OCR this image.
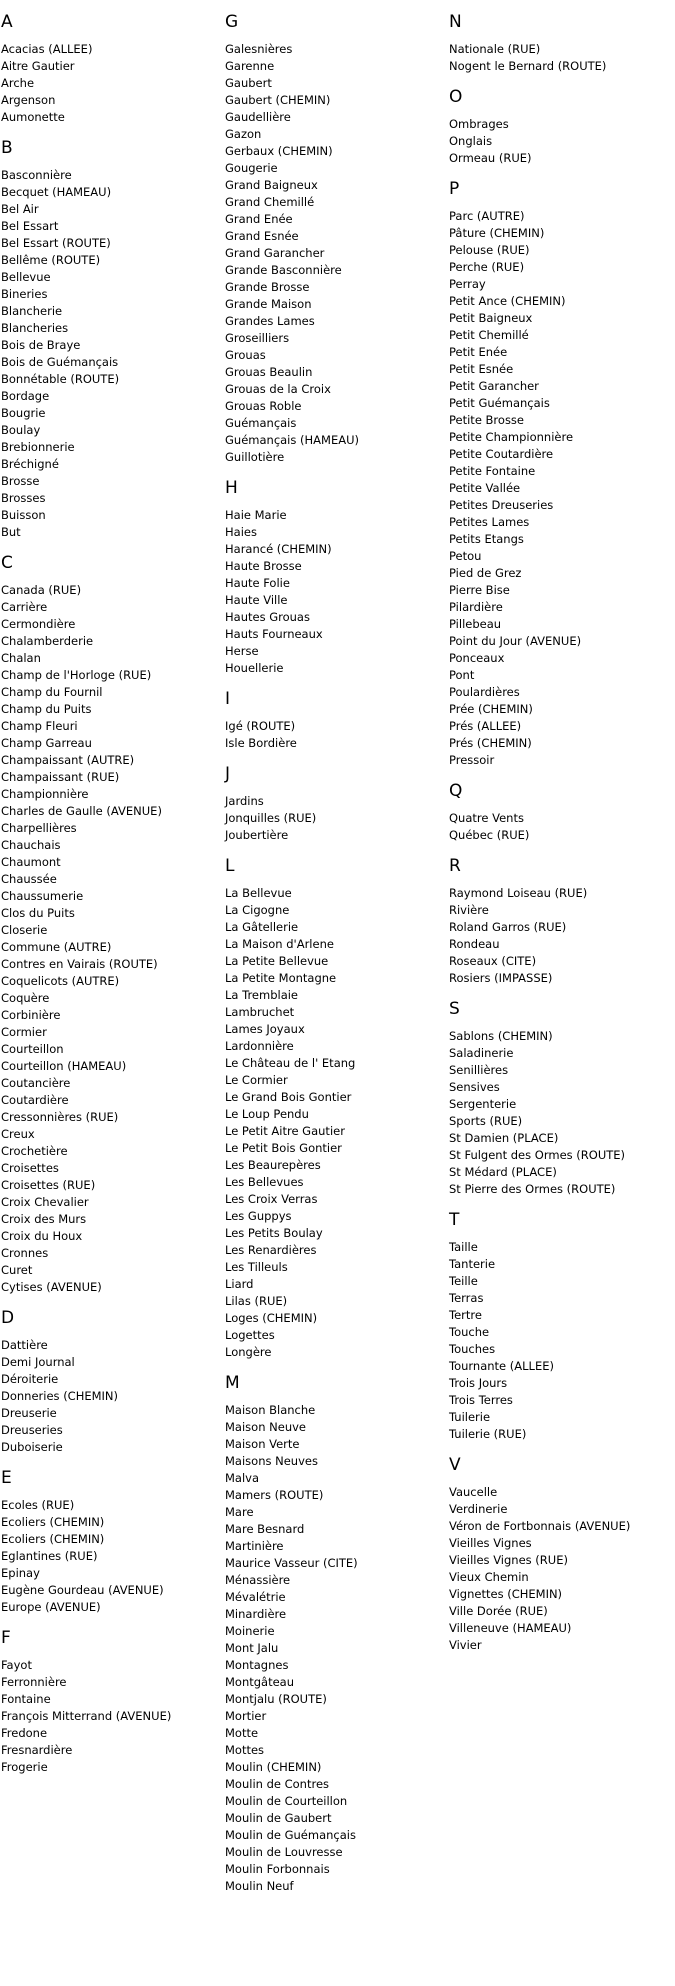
A
Acacias (ALLEE)
Aitre Gautier
Arche
Argenson
Aumonette
B
Basconnière
Becquet (HAMEAU)
Bel Air
Bel Essart
Bel Essart (ROUTE)
Bellême (ROUTE)
Bellevue
Bineries
Blancherie
Blancheries
Bois de Braye
Bois de Guémançais
Bonnétable (ROUTE)
Bordage
Bougrie
Boulay
Brebionnerie
Bréchigné
Brosse
Brosses
Buisson
But
C
Canada (RUE)
Carrière
Cermondière
Chalamberderie
Chalan
Champ de l'Horloge (RUE)
Champ du Fournil
Champ du Puits
Champ Fleuri
Champ Garreau
Champaissant (AUTRE)
Champaissant (RUE)
Championnière
Charles de Gaulle (AVENUE)
Charpellières
Chauchais
Chaumont
Chaussée
Chaussumerie
Clos du Puits
Closerie
Commune (AUTRE)
Contres en Vairais (ROUTE)
Coquelicots (AUTRE)
Coquère
Corbinière
Cormier
Courteillon
Courteillon (HAMEAU)
Coutancière
Coutardière
Cressonnières (RUE)
Creux
Crochetière
Croisettes
Croisettes (RUE)
Croix Chevalier
Croix des Murs
Croix du Houx
Cronnes
Curet
Cytises (AVENUE)
D
Dattière
Demi Journal
Déroiterie
Donneries (CHEMIN)
Dreuserie
Dreuseries
Duboiserie
E
Ecoles (RUE)
Ecoliers (CHEMIN)
Ecoliers (CHEMIN)
Eglantines (RUE)
Epinay
Eugène Gourdeau (AVENUE)
Europe (AVENUE)
F
Fayot
Ferronnière
Fontaine
François Mitterrand (AVENUE)
Fredone
Fresnardière
Frogerie
G
Galesnières
Garenne
Gaubert
Gaubert (CHEMIN)
Gaudellière
Gazon
Gerbaux (CHEMIN)
Gougerie
Grand Baigneux
Grand Chemillé
Grand Enée
Grand Esnée
Grand Garancher
Grande Basconnière
Grande Brosse
Grande Maison
Grandes Lames
Groseilliers
Grouas
Grouas Beaulin
Grouas de la Croix
Grouas Roble
Guémançais
Guémançais (HAMEAU)
Guillotière
H
Haie Marie
Haies
Harancé (CHEMIN)
Haute Brosse
Haute Folie
Haute Ville
Hautes Grouas
Hauts Fourneaux
Herse
Houellerie
I
Igé (ROUTE)
Isle Bordière
J
Jardins
Jonquilles (RUE)
Joubertière
L
La Bellevue
La Cigogne
La Gâtellerie
La Maison d'Arlene
La Petite Bellevue
La Petite Montagne
La Tremblaie
Lambruchet
Lames Joyaux
Lardonnière
Le Château de l' Etang
Le Cormier
Le Grand Bois Gontier
Le Loup Pendu
Le Petit Aitre Gautier
Le Petit Bois Gontier
Les Beaurepères
Les Bellevues
Les Croix Verras
Les Guppys
Les Petits Boulay
Les Renardières
Les Tilleuls
Liard
Lilas (RUE)
Loges (CHEMIN)
Logettes
Longère
M
Maison Blanche
Maison Neuve
Maison Verte
Maisons Neuves
Malva
Mamers (ROUTE)
Mare
Mare Besnard
Martinière
Maurice Vasseur (CITE)
Ménassière
Mévalétrie
Minardière
Moinerie
Mont Jalu
Montagnes
Montgâteau
Montjalu (ROUTE)
Mortier
Motte
Mottes
Moulin (CHEMIN)
Moulin de Contres
Moulin de Courteillon
Moulin de Gaubert
Moulin de Guémançais
Moulin de Louvresse
Moulin Forbonnais
Moulin Neuf
N
Nationale (RUE)
Nogent le Bernard (ROUTE)
O
Ombrages
Onglais
Ormeau (RUE)
P
Parc (AUTRE)
Pâture (CHEMIN)
Pelouse (RUE)
Perche (RUE)
Perray
Petit Ance (CHEMIN)
Petit Baigneux
Petit Chemillé
Petit Enée
Petit Esnée
Petit Garancher
Petit Guémançais
Petite Brosse
Petite Championnière
Petite Coutardière
Petite Fontaine
Petite Vallée
Petites Dreuseries
Petites Lames
Petits Etangs
Petou
Pied de Grez
Pierre Bise
Pilardière
Pillebeau
Point du Jour (AVENUE)
Ponceaux
Pont
Poulardières
Prée (CHEMIN)
Prés (ALLEE)
Prés (CHEMIN)
Pressoir
Q
Quatre Vents
Québec (RUE)
R
Raymond Loiseau (RUE)
Rivière
Roland Garros (RUE)
Rondeau
Roseaux (CITE)
Rosiers (IMPASSE)
S
Sablons (CHEMIN)
Saladinerie
Senillières
Sensives
Sergenterie
Sports (RUE)
St Damien (PLACE)
St Fulgent des Ormes (ROUTE)
St Médard (PLACE)
St Pierre des Ormes (ROUTE)
T
Taille
Tanterie
Teille
Terras
Tertre
Touche
Touches
Tournante (ALLEE)
Trois Jours
Trois Terres
Tuilerie
Tuilerie (RUE)
V
Vaucelle
Verdinerie
Véron de Fortbonnais (AVENUE)
Vieilles Vignes
Vieilles Vignes (RUE)
Vieux Chemin
Vignettes (CHEMIN)
Ville Dorée (RUE)
Villeneuve (HAMEAU)
Vivier
